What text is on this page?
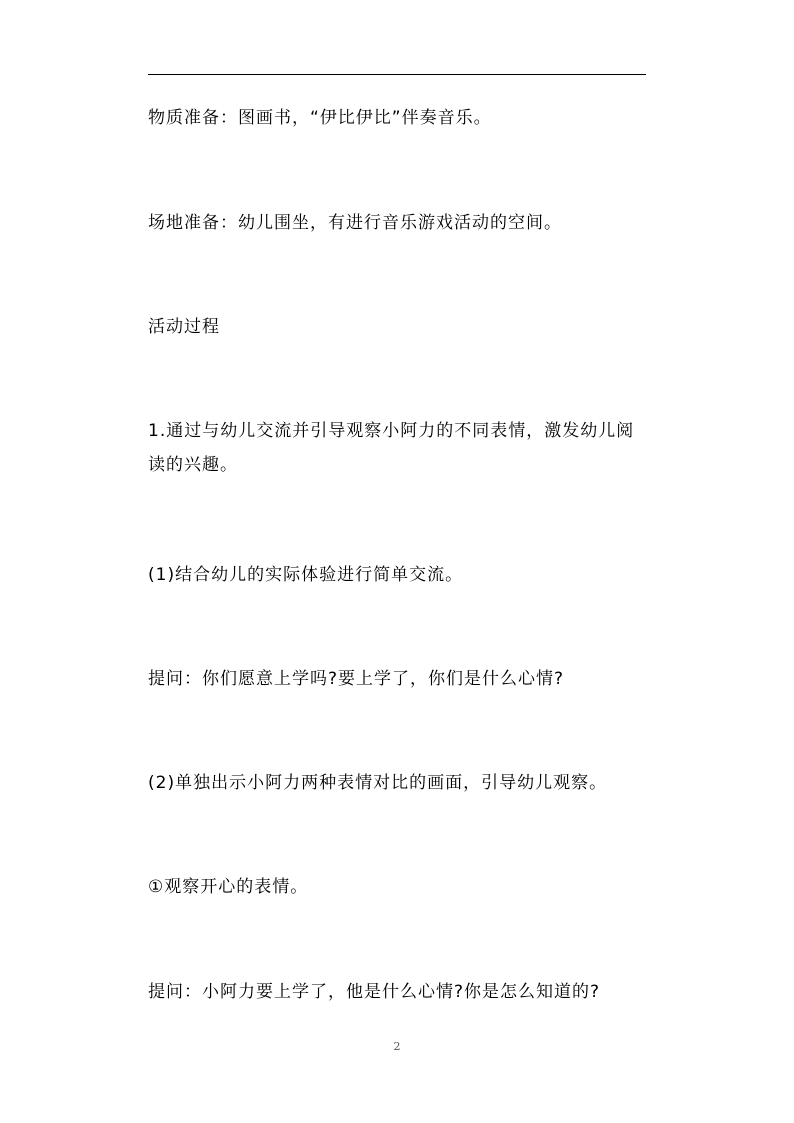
物质准备：图画书，“伊比伊比”伴奏音乐。

场地准备：幼儿围坐，有进行音乐游戏活动的空间。

活动过程

1.通过与幼儿交流并引导观察小阿力的不同表情，激发幼儿阅读的兴趣。

(1)结合幼儿的实际体验进行简单交流。

提问：你们愿意上学吗?要上学了，你们是什么心情?

(2)单独出示小阿力两种表情对比的画面，引导幼儿观察。

①观察开心的表情。

提问：小阿力要上学了，他是什么心情?你是怎么知道的?

2
